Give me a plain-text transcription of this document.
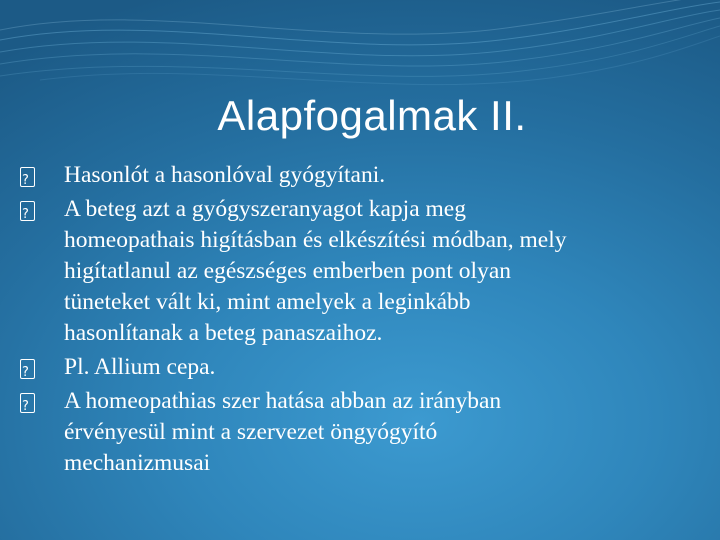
Alapfogalmak II.
?
Hasonlót a hasonlóval gyógyítani.
?
A beteg azt a gyógyszeranyagot kapja meg
homeopathais higításban és elkészítési módban, mely
higítatlanul az egészséges emberben pont olyan
tüneteket vált ki, mint amelyek a leginkább
hasonlítanak a beteg panaszaihoz.
?
Pl. Allium cepa.
?
A homeopathias szer hatása abban az irányban
érvényesül mint a szervezet öngyógyító
mechanizmusai
